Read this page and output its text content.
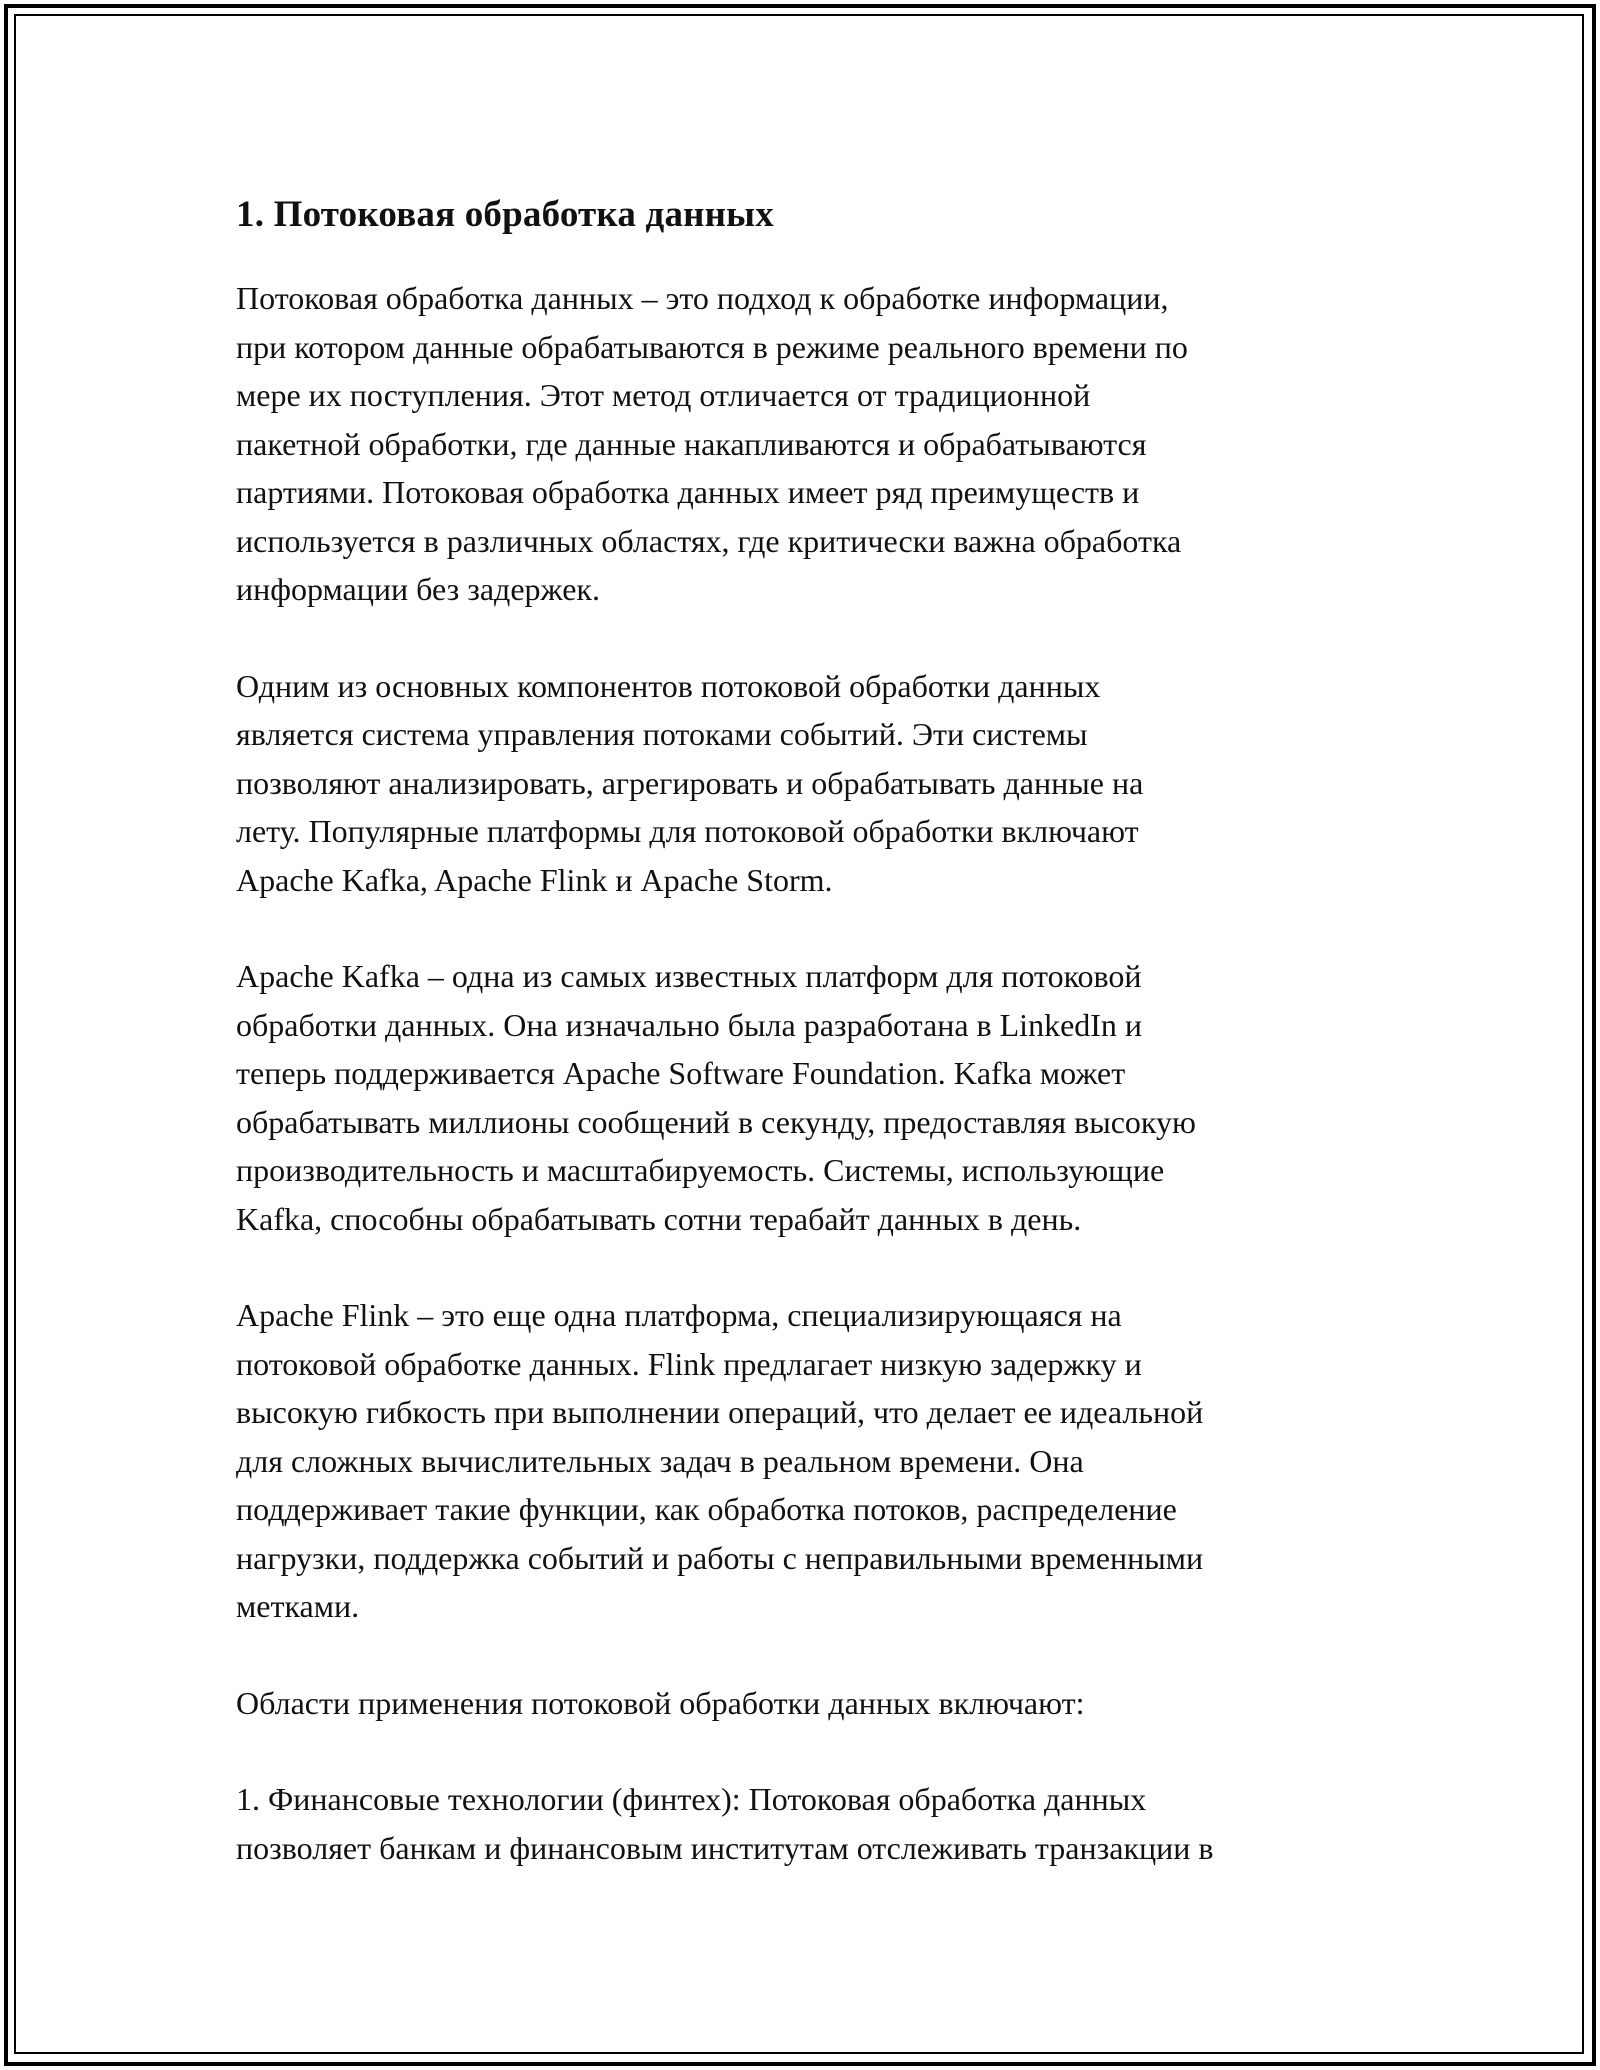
1. Потоковая обработка данных

Потоковая обработка данных – это подход к обработке информации,
при котором данные обрабатываются в режиме реального времени по
мере их поступления. Этот метод отличается от традиционной
пакетной обработки, где данные накапливаются и обрабатываются
партиями. Потоковая обработка данных имеет ряд преимуществ и
используется в различных областях, где критически важна обработка
информации без задержек.

Одним из основных компонентов потоковой обработки данных
является система управления потоками событий. Эти системы
позволяют анализировать, агрегировать и обрабатывать данные на
лету. Популярные платформы для потоковой обработки включают
Apache Kafka, Apache Flink и Apache Storm.

Apache Kafka – одна из самых известных платформ для потоковой
обработки данных. Она изначально была разработана в LinkedIn и
теперь поддерживается Apache Software Foundation. Kafka может
обрабатывать миллионы сообщений в секунду, предоставляя высокую
производительность и масштабируемость. Системы, использующие
Kafka, способны обрабатывать сотни терабайт данных в день.

Apache Flink – это еще одна платформа, специализирующаяся на
потоковой обработке данных. Flink предлагает низкую задержку и
высокую гибкость при выполнении операций, что делает ее идеальной
для сложных вычислительных задач в реальном времени. Она
поддерживает такие функции, как обработка потоков, распределение
нагрузки, поддержка событий и работы с неправильными временными
метками.

Области применения потоковой обработки данных включают:

1. Финансовые технологии (финтех): Потоковая обработка данных
позволяет банкам и финансовым институтам отслеживать транзакции в
